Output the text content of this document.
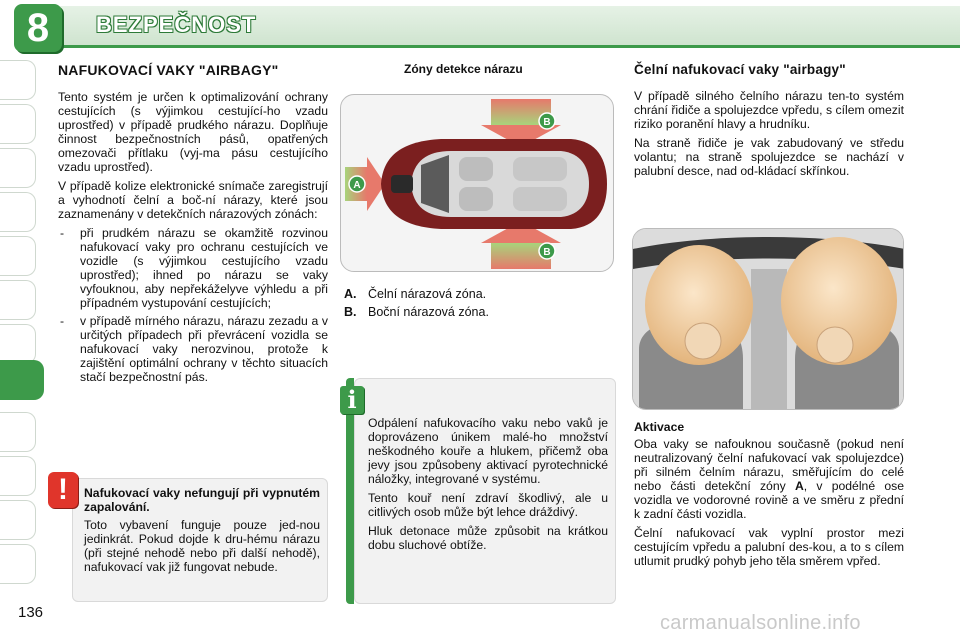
8	BEZPEČNOST
136
NAFUKOVACÍ VAKY "AIRBAGY"
Tento systém je určen k optimalizování ochrany cestujících (s výjimkou cestující-ho vzadu uprostřed) v případě prudkého nárazu. Doplňuje činnost bezpečnostních pásů, opatřených omezovači přítlaku (vyj-ma pásu cestujícího vzadu uprostřed).
V případě kolize elektronické snímače zaregistrují a vyhodnotí čelní a boč-ní nárazy, které jsou zaznamenány v detekčních nárazových zónách:
-	při prudkém nárazu se okamžitě rozvinou nafukovací vaky pro ochranu cestujících ve vozidle (s výjimkou cestujícího vzadu uprostřed); ihned po nárazu se vaky vyfouknou, aby nepřekáželyve výhledu a při případném vystupování cestujících;
-	v případě mírného nárazu, nárazu zezadu a v určitých případech při převrácení vozidla se nafukovací vaky nerozvinou, protože k zajištění optimální ochrany v těchto situacích stačí bezpečnostní pás.
!	Nafukovací vaky nefungují při vypnutém zapalování.
Toto vybavení funguje pouze jed-nou jedinkrát. Pokud dojde k dru-hému nárazu (při stejné nehodě nebo při další nehodě), nafukovací vak již fungovat nebude.
Zóny detekce nárazu
A
B
B
A. Čelní nárazová zóna.
B. Boční nárazová zóna.
i
Odpálení nafukovacího vaku nebo vaků je doprovázeno únikem malé-ho množství neškodného kouře a hlukem, přičemž oba jevy jsou způsobeny aktivací pyrotechnické náložky, integrované v systému.
Tento kouř není zdraví škodlivý, ale u citlivých osob může být lehce dráždivý.
Hluk detonace může způsobit na krátkou dobu sluchové obtíže.
Čelní nafukovací vaky "airbagy"
V případě silného čelního nárazu ten-to systém chrání řidiče a spolujezdce vpředu, s cílem omezit riziko poranění hlavy a hrudníku.
Na straně řidiče je vak zabudovaný ve středu volantu; na straně spolujezdce se nachází v palubní desce, nad od-kládací skřínkou.
Aktivace
Oba vaky se nafouknou současně (pokud není neutralizovaný čelní nafukovací vak spolujezdce) při silném čelním nárazu, směřujícím do celé nebo části detekční zóny A, v podélné ose vozidla ve vodorovné rovině a ve směru z přední k zadní části vozidla.
Čelní nafukovací vak vyplní prostor mezi cestujícím vpředu a palubní des-kou, a to s cílem utlumit prudký pohyb jeho těla směrem vpřed.
carmanualsonline.info
